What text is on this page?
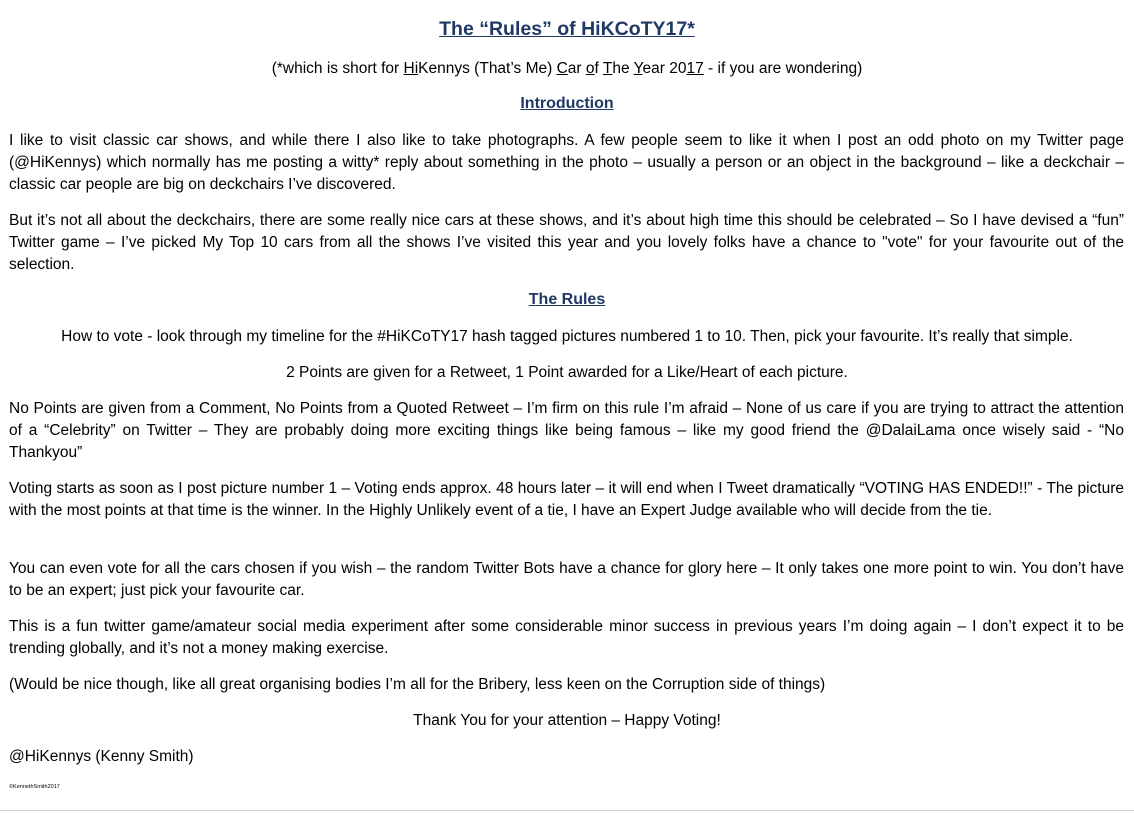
The “Rules” of HiKCoTY17*
(*which is short for HiKennys (That’s Me) Car of The Year 2017 - if you are wondering)
Introduction
I like to visit classic car shows, and while there I also like to take photographs. A few people seem to like it when I post an odd photo on my Twitter page (@HiKennys) which normally has me posting a witty* reply about something in the photo – usually a person or an object in the background – like a deckchair – classic car people are big on deckchairs I’ve discovered.
But it’s not all about the deckchairs, there are some really nice cars at these shows, and it’s about high time this should be celebrated – So I have devised a “fun” Twitter game – I’ve picked My Top 10 cars from all the shows I’ve visited this year and you lovely folks have a chance to "vote" for your favourite out of the selection.
The Rules
How to vote - look through my timeline for the #HiKCoTY17 hash tagged pictures numbered 1 to 10. Then, pick your favourite. It’s really that simple.
2 Points are given for a Retweet, 1 Point awarded for a Like/Heart of each picture.
No Points are given from a Comment, No Points from a Quoted Retweet – I’m firm on this rule I’m afraid – None of us care if you are trying to attract the attention of a “Celebrity” on Twitter – They are probably doing more exciting things like being famous – like my good friend the @DalaiLama once wisely said - “No Thankyou”
Voting starts as soon as I post picture number 1 – Voting ends approx. 48 hours later – it will end when I Tweet dramatically “VOTING HAS ENDED!!” - The picture with the most points at that time is the winner. In the Highly Unlikely event of a tie, I have an Expert Judge available who will decide from the tie.
You can even vote for all the cars chosen if you wish – the random Twitter Bots have a chance for glory here – It only takes one more point to win. You don’t have to be an expert; just pick your favourite car.
This is a fun twitter game/amateur social media experiment after some considerable minor success in previous years I’m doing again – I don’t expect it to be trending globally, and it’s not a money making exercise.
(Would be nice though, like all great organising bodies I’m all for the Bribery, less keen on the Corruption side of things)
Thank You for your attention – Happy Voting!
@HiKennys (Kenny Smith)
©KennethSmith2017
